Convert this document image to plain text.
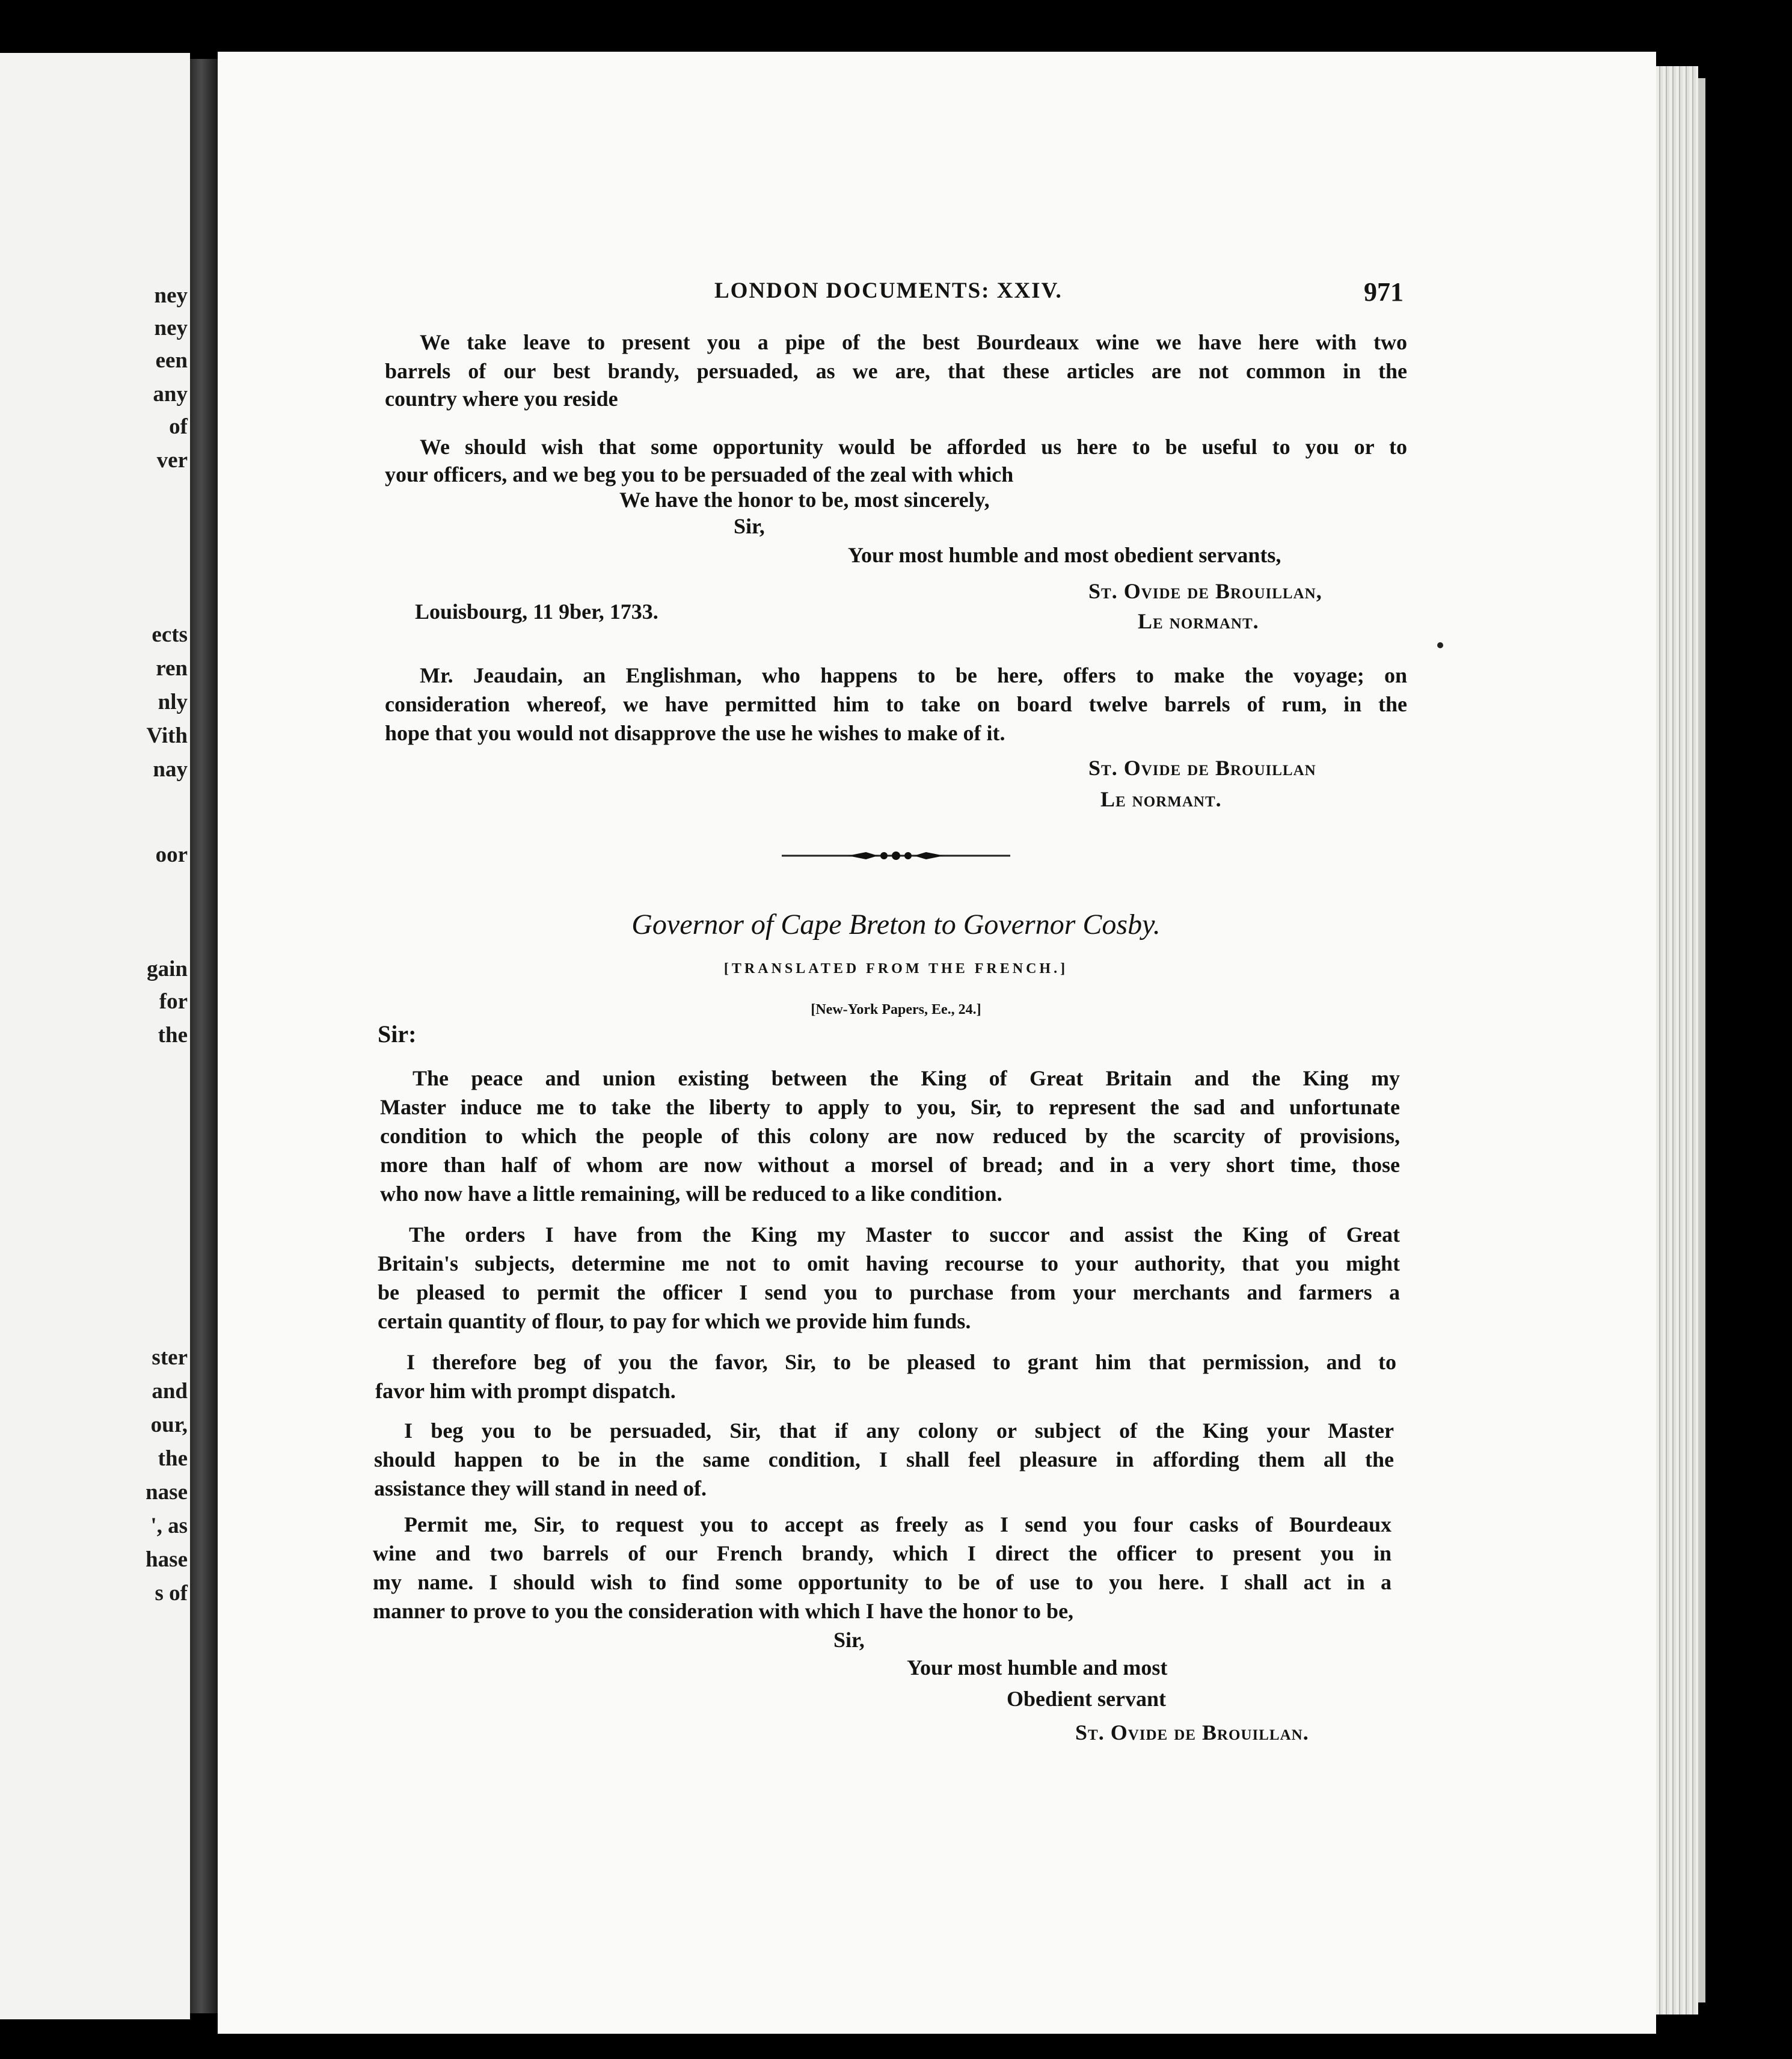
ney
ney
een
any
of
ver
ects
ren
nly
Vith
nay
oor
gain
for
the
ster
and
our,
the
nase
', as
hase
s of
LONDON DOCUMENTS: XXIV.	971
We take leave to present you a pipe of the best Bourdeaux wine we have here with two
barrels of our best brandy, persuaded, as we are, that these articles are not common in the
country where you reside
We should wish that some opportunity would be afforded us here to be useful to you or to
your officers, and we beg you to be persuaded of the zeal with which
We have the honor to be, most sincerely,
Sir,
Your most humble and most obedient servants,
St. Ovide de Brouillan,
Louisbourg, 11 9ber, 1733.	Le normant.
Mr. Jeaudain, an Englishman, who happens to be here, offers to make the voyage; on
consideration whereof, we have permitted him to take on board twelve barrels of rum, in the
hope that you would not disapprove the use he wishes to make of it.
St. Ovide de Brouillan
Le normant.
Governor of Cape Breton to Governor Cosby.
[TRANSLATED FROM THE FRENCH.]
[New-York Papers, Ee., 24.]
Sir:
The peace and union existing between the King of Great Britain and the King my
Master induce me to take the liberty to apply to you, Sir, to represent the sad and unfortunate
condition to which the people of this colony are now reduced by the scarcity of provisions,
more than half of whom are now without a morsel of bread; and in a very short time, those
who now have a little remaining, will be reduced to a like condition.
The orders I have from the King my Master to succor and assist the King of Great
Britain's subjects, determine me not to omit having recourse to your authority, that you might
be pleased to permit the officer I send you to purchase from your merchants and farmers a
certain quantity of flour, to pay for which we provide him funds.
I therefore beg of you the favor, Sir, to be pleased to grant him that permission, and to
favor him with prompt dispatch.
I beg you to be persuaded, Sir, that if any colony or subject of the King your Master
should happen to be in the same condition, I shall feel pleasure in affording them all the
assistance they will stand in need of.
Permit me, Sir, to request you to accept as freely as I send you four casks of Bourdeaux
wine and two barrels of our French brandy, which I direct the officer to present you in
my name. I should wish to find some opportunity to be of use to you here. I shall act in a
manner to prove to you the consideration with which I have the honor to be,
Sir,
Your most humble and most
Obedient servant
St. Ovide de Brouillan.
